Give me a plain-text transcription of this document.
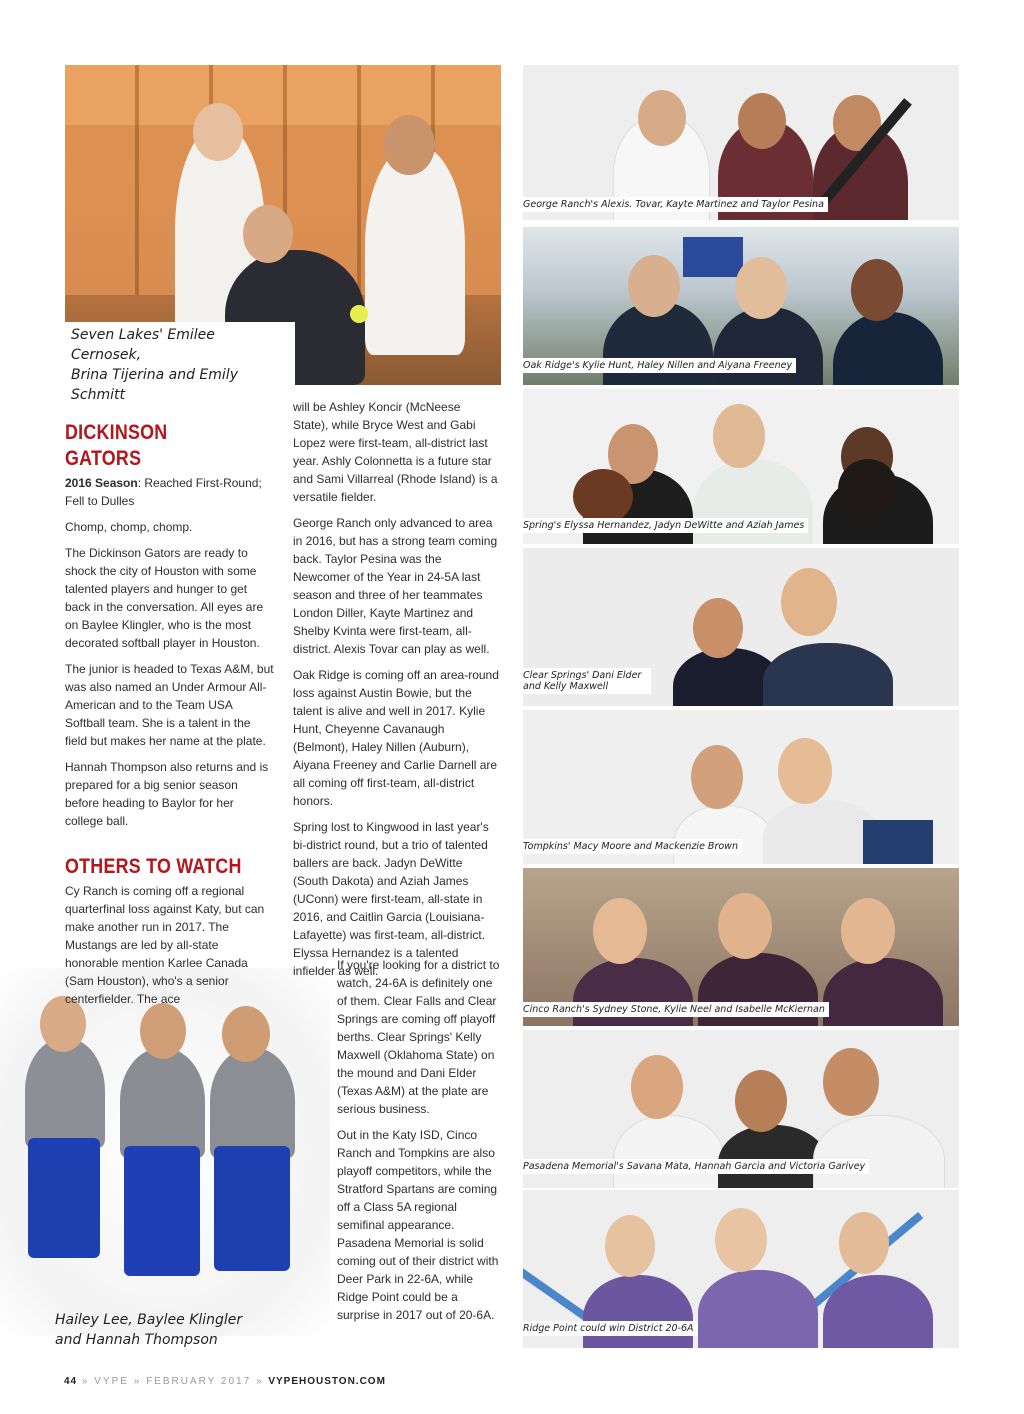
Seven Lakes' Emilee Cernosek,
Brina Tijerina and Emily Schmitt
George Ranch's Alexis. Tovar, Kayte Martinez and Taylor Pesina
Oak Ridge's Kylie Hunt, Haley Nillen and Aiyana Freeney
Spring's Elyssa Hernandez, Jadyn DeWitte and Aziah James
Clear Springs' Dani Elder
and Kelly Maxwell
Tompkins' Macy Moore and Mackenzie Brown
Cinco Ranch's Sydney Stone, Kylie Neel and Isabelle McKiernan
Pasadena Memorial's Savana Mata, Hannah Garcia and Victoria Garivey
Ridge Point could win District 20-6A
Hailey Lee, Baylee Klingler
and Hannah Thompson
DICKINSON GATORS

2016 Season: Reached First-Round; Fell to Dulles

Chomp, chomp, chomp.

The Dickinson Gators are ready to shock the city of Houston with some talented players and hunger to get back in the conversation. All eyes are on Baylee Klingler, who is the most decorated softball player in Houston.

The junior is headed to Texas A&M, but was also named an Under Armour All-American and to the Team USA Softball team. She is a talent in the field but makes her name at the plate.

Hannah Thompson also returns and is prepared for a big senior season before heading to Baylor for her college ball.

OTHERS TO WATCH

Cy Ranch is coming off a regional quarterfinal loss against Katy, but can make another run in 2017. The Mustangs are led by all-state honorable mention Karlee Canada (Sam Houston), who's a senior centerfielder. The ace

will be Ashley Koncir (McNeese State), while Bryce West and Gabi Lopez were first-team, all-district last year. Ashly Colonnetta is a future star and Sami Villarreal (Rhode Island) is a versatile fielder.

George Ranch only advanced to area in 2016, but has a strong team coming back. Taylor Pesina was the Newcomer of the Year in 24-5A last season and three of her teammates London Diller, Kayte Martinez and Shelby Kvinta were first-team, all-district. Alexis Tovar can play as well.

Oak Ridge is coming off an area-round loss against Austin Bowie, but the talent is alive and well in 2017. Kylie Hunt, Cheyenne Cavanaugh (Belmont), Haley Nillen (Auburn), Aiyana Freeney and Carlie Darnell are all coming off first-team, all-district honors.

Spring lost to Kingwood in last year's bi-district round, but a trio of talented ballers are back. Jadyn DeWitte (South Dakota) and Aziah James (UConn) were first-team, all-state in 2016, and Caitlin Garcia (Louisiana-Lafayette) was first-team, all-district. Elyssa Hernandez is a talented infielder as well.

If you're looking for a district to watch, 24-6A is definitely one of them. Clear Falls and Clear Springs are coming off playoff berths. Clear Springs' Kelly Maxwell (Oklahoma State) on the mound and Dani Elder (Texas A&M) at the plate are serious business.

Out in the Katy ISD, Cinco Ranch and Tompkins are also playoff competitors, while the Stratford Spartans are coming off a Class 5A regional semifinal appearance. Pasadena Memorial is solid coming out of their district with Deer Park in 22-6A, while Ridge Point could be a surprise in 2017 out of 20-6A.

44 » VYPE » FEBRUARY 2017 » VYPEHOUSTON.COM
